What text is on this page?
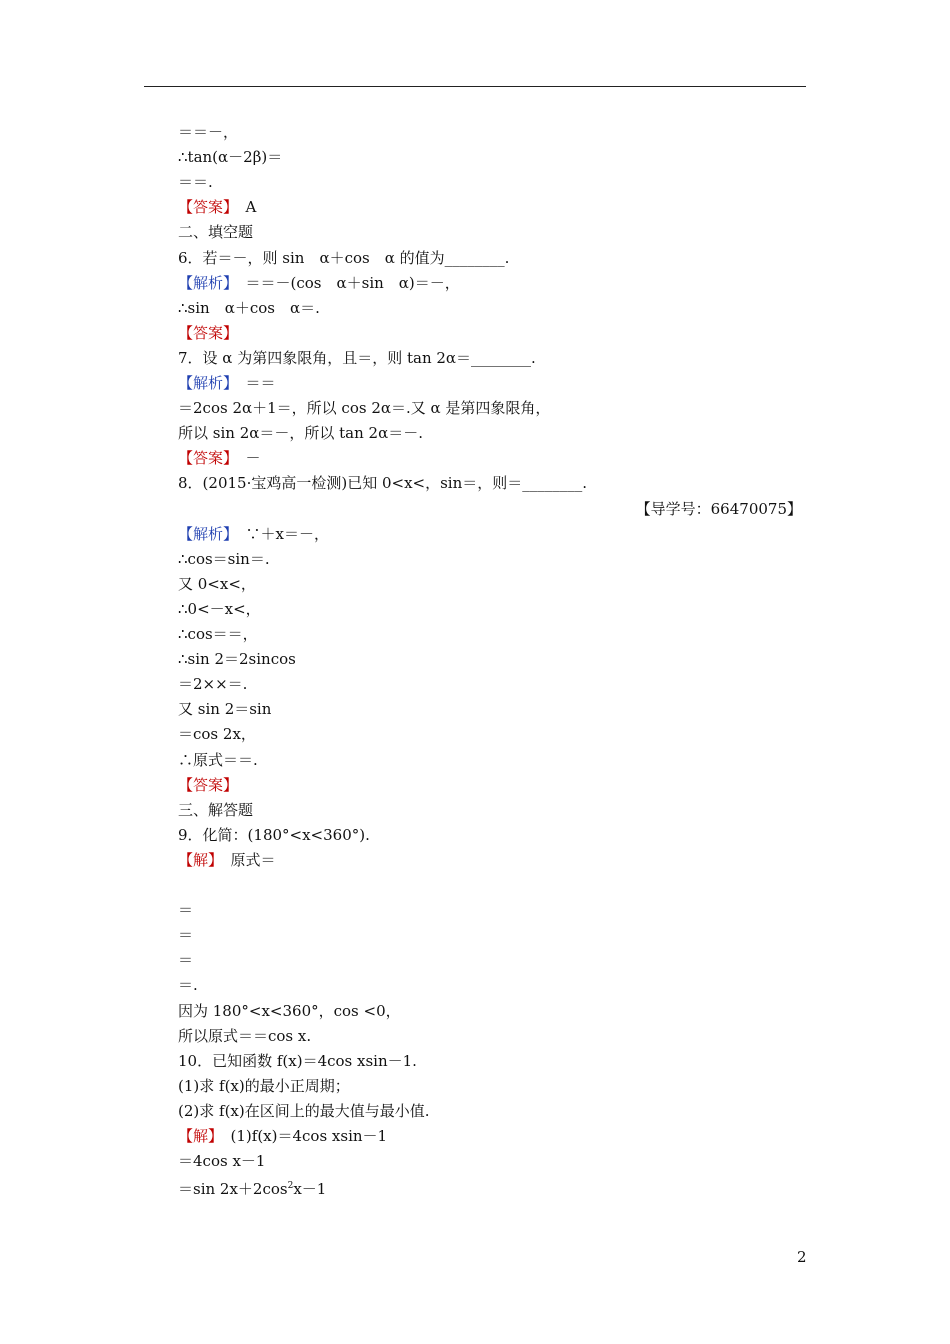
＝＝－，
∴tan(α－2β)＝
＝＝.
【答案】　A
二、填空题
6．若＝－，则 sin　α＋cos　α 的值为________.
【解析】　＝＝－(cos　α＋sin　α)＝－，
∴sin　α＋cos　α＝.
【答案】
7．设 α 为第四象限角，且＝，则 tan 2α＝________.
【解析】　＝＝
＝2cos 2α＋1＝，所以 cos 2α＝.又 α 是第四象限角，
所以 sin 2α＝－，所以 tan 2α＝－.
【答案】　－
8．(2015·宝鸡高一检测)已知 0<x<，sin＝，则＝________.
【导学号：66470075】
【解析】　∵＋x＝－，
∴cos＝sin＝.
又 0<x<，
∴0<－x<，
∴cos＝＝，
∴sin 2＝2sincos
＝2××＝.
又 sin 2＝sin
＝cos 2x，
∴原式＝＝.
【答案】
三、解答题
9．化简：(180°<x<360°).
【解】　原式＝
＝
＝
＝
＝.
因为 180°<x<360°，cos <0，
所以原式＝＝cos x.
10．已知函数 f(x)＝4cos xsin－1.
(1)求 f(x)的最小正周期；
(2)求 f(x)在区间上的最大值与最小值.
【解】　(1)f(x)＝4cos xsin－1
＝4cos x－1
＝sin $2x+2\cos^2x-1$
2
